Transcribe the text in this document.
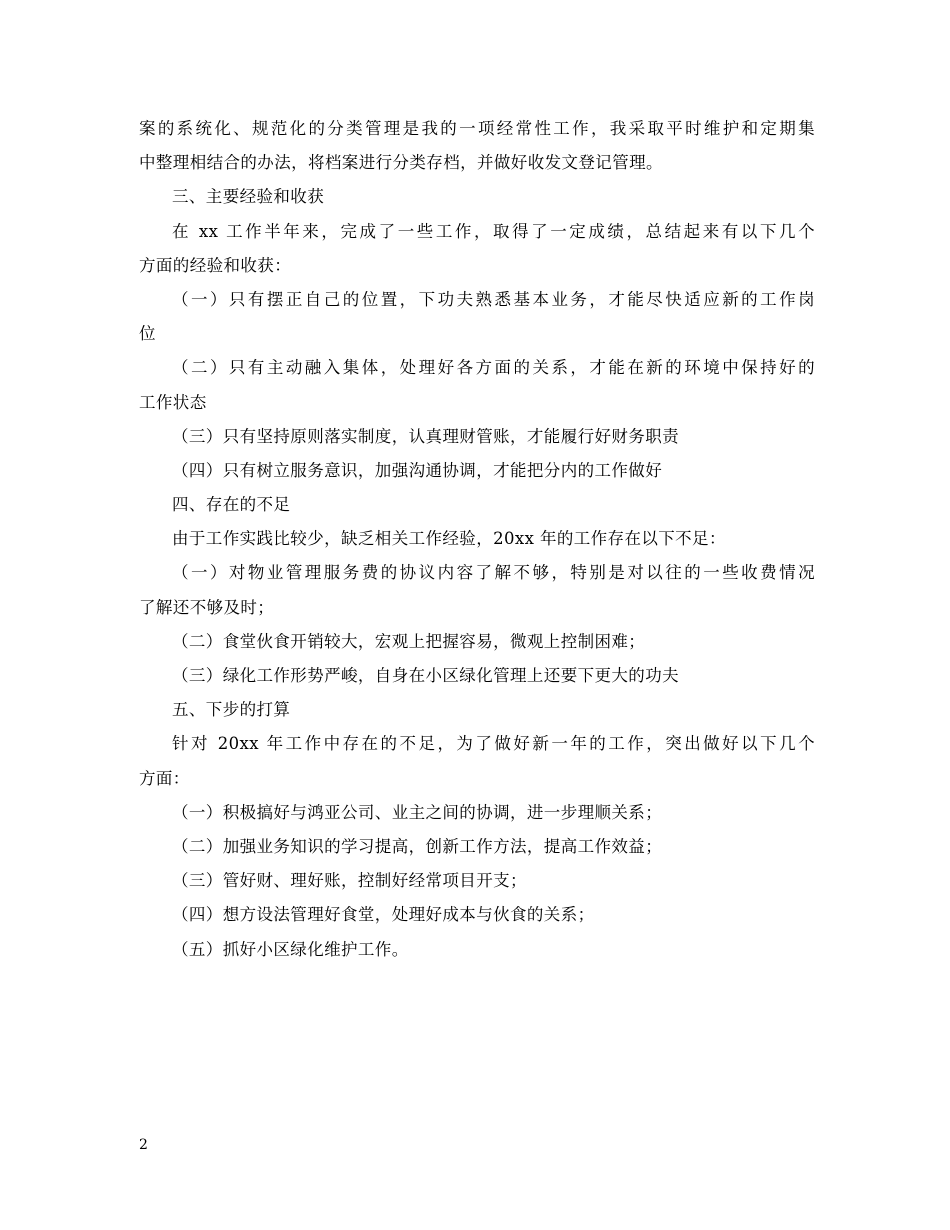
案的系统化、规范化的分类管理是我的一项经常性工作，我采取平时维护和定期集
中整理相结合的办法，将档案进行分类存档，并做好收发文登记管理。
三、主要经验和收获
在 xx 工作半年来，完成了一些工作，取得了一定成绩，总结起来有以下几个
方面的经验和收获：
（一）只有摆正自己的位置，下功夫熟悉基本业务，才能尽快适应新的工作岗
位
（二）只有主动融入集体，处理好各方面的关系，才能在新的环境中保持好的
工作状态
（三）只有坚持原则落实制度，认真理财管账，才能履行好财务职责
（四）只有树立服务意识，加强沟通协调，才能把分内的工作做好
四、存在的不足
由于工作实践比较少，缺乏相关工作经验，20xx 年的工作存在以下不足：
（一）对物业管理服务费的协议内容了解不够，特别是对以往的一些收费情况
了解还不够及时；
（二）食堂伙食开销较大，宏观上把握容易，微观上控制困难；
（三）绿化工作形势严峻，自身在小区绿化管理上还要下更大的功夫
五、下步的打算
针对 20xx 年工作中存在的不足，为了做好新一年的工作，突出做好以下几个
方面：
（一）积极搞好与鸿亚公司、业主之间的协调，进一步理顺关系；
（二）加强业务知识的学习提高，创新工作方法，提高工作效益；
（三）管好财、理好账，控制好经常项目开支；
（四）想方设法管理好食堂，处理好成本与伙食的关系；
（五）抓好小区绿化维护工作。
2
